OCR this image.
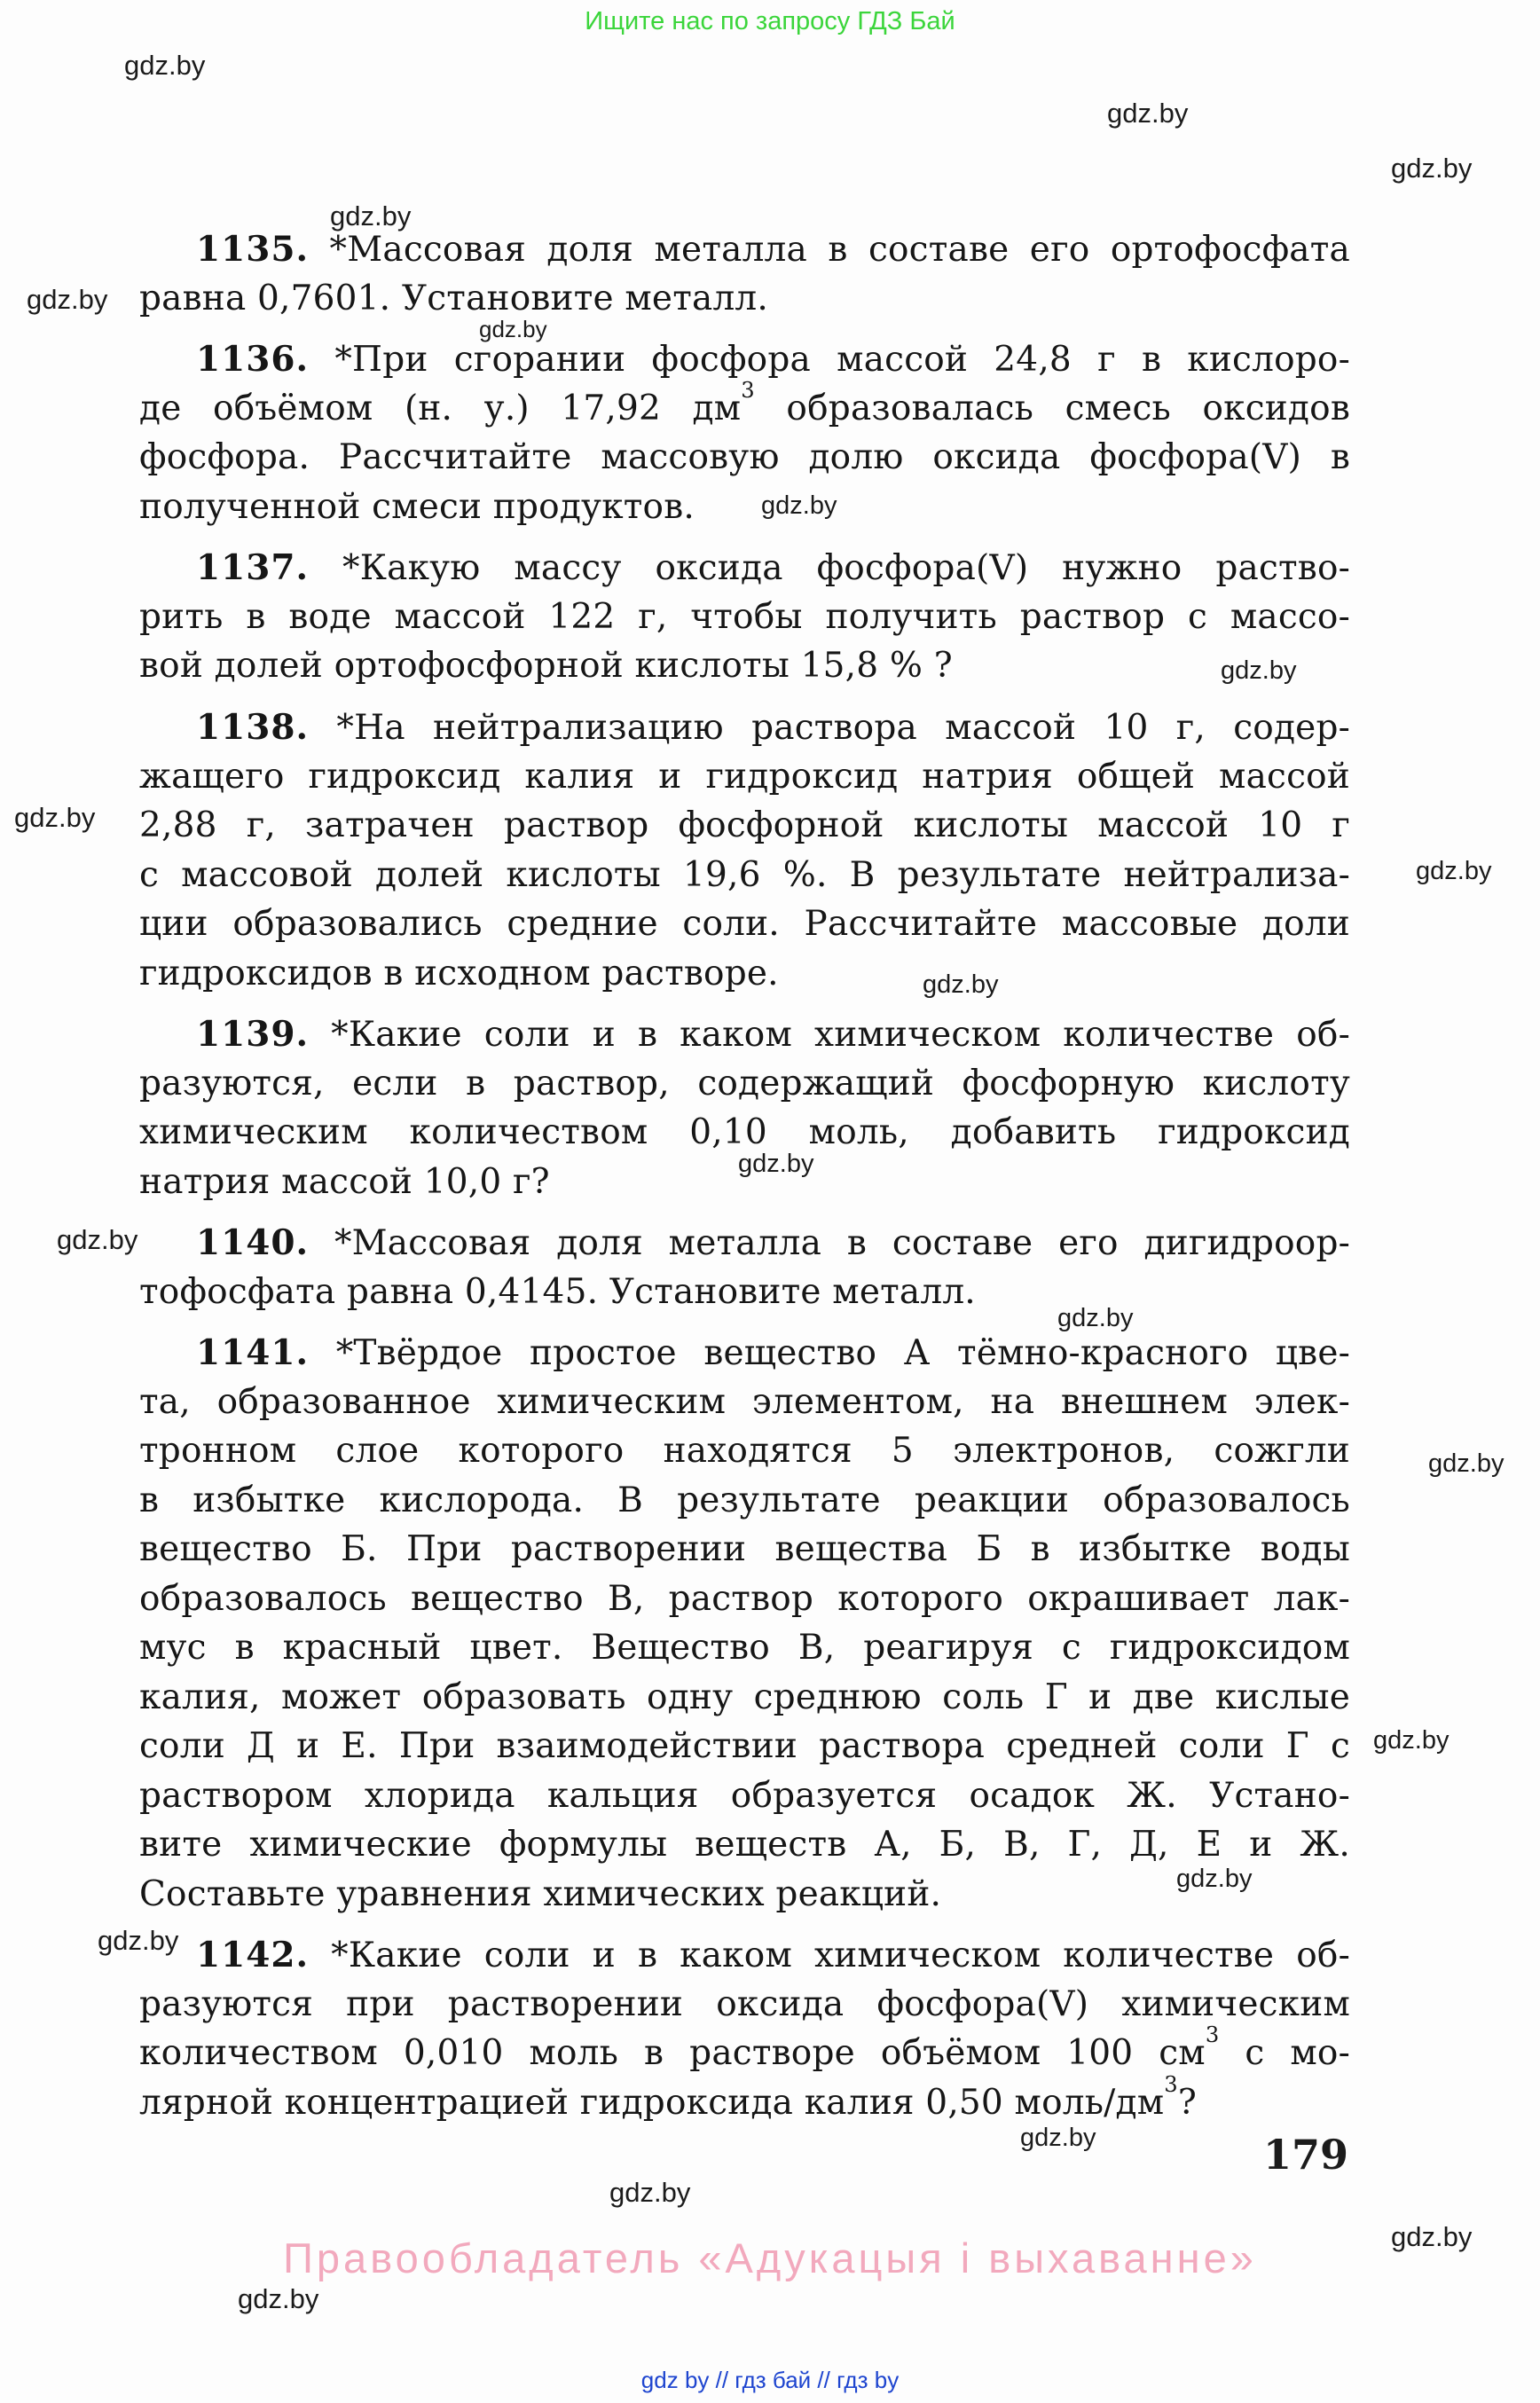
Ищите нас по запросу ГДЗ Бай
1135. *Массовая доля металла в составе его ортофосфата
равна 0,7601. Установите металл.
1136. *При сгорании фосфора массой 24,8 г в кислоро-
де объёмом (н. у.) 17,92 $дм^3$ образовалась смесь оксидов
фосфора. Рассчитайте массовую долю оксида фосфора(V) в
полученной смеси продуктов.
1137. *Какую массу оксида фосфора(V) нужно раство-
рить в воде массой 122 г, чтобы получить раствор с массо-
вой долей ортофосфорной кислоты 15,8 % ?
1138. *На нейтрализацию раствора массой 10 г, содер-
жащего гидроксид калия и гидроксид натрия общей массой
2,88 г, затрачен раствор фосфорной кислоты массой 10 г
с массовой долей кислоты 19,6 %. В результате нейтрализа-
ции образовались средние соли. Рассчитайте массовые доли
гидроксидов в исходном растворе.
1139. *Какие соли и в каком химическом количестве об-
разуются, если в раствор, содержащий фосфорную кислоту
химическим количеством 0,10 моль, добавить гидроксид
натрия массой 10,0 г?
1140. *Массовая доля металла в составе его дигидроор-
тофосфата равна 0,4145. Установите металл.
1141. *Твёрдое простое вещество А тёмно-красного цве-
та, образованное химическим элементом, на внешнем элек-
тронном слое которого находятся 5 электронов, сожгли
в избытке кислорода. В результате реакции образовалось
вещество Б. При растворении вещества Б в избытке воды
образовалось вещество В, раствор которого окрашивает лак-
мус в красный цвет. Вещество В, реагируя с гидроксидом
калия, может образовать одну среднюю соль Г и две кислые
соли Д и Е. При взаимодействии раствора средней соли Г с
раствором хлорида кальция образуется осадок Ж. Устано-
вите химические формулы веществ А, Б, В, Г, Д, Е и Ж.
Составьте уравнения химических реакций.
1142. *Какие соли и в каком химическом количестве об-
разуются при растворении оксида фосфора(V) химическим
количеством 0,010 моль в растворе объёмом 100 $см^3$ с мо-
лярной концентрацией гидроксида калия 0,50 моль/$дм^3$?
gdz.by
gdz.by
gdz.by
gdz.by
gdz.by
gdz.by
gdz.by
gdz.by
gdz.by
gdz.by
gdz.by
gdz.by
gdz.by
gdz.by
gdz.by
gdz.by
gdz.by
gdz.by
gdz.by
gdz.by
gdz.by
gdz.by
179
Правообладатель «Адукацыя і выхаванне»
gdz by // гдз бай // гдз by
